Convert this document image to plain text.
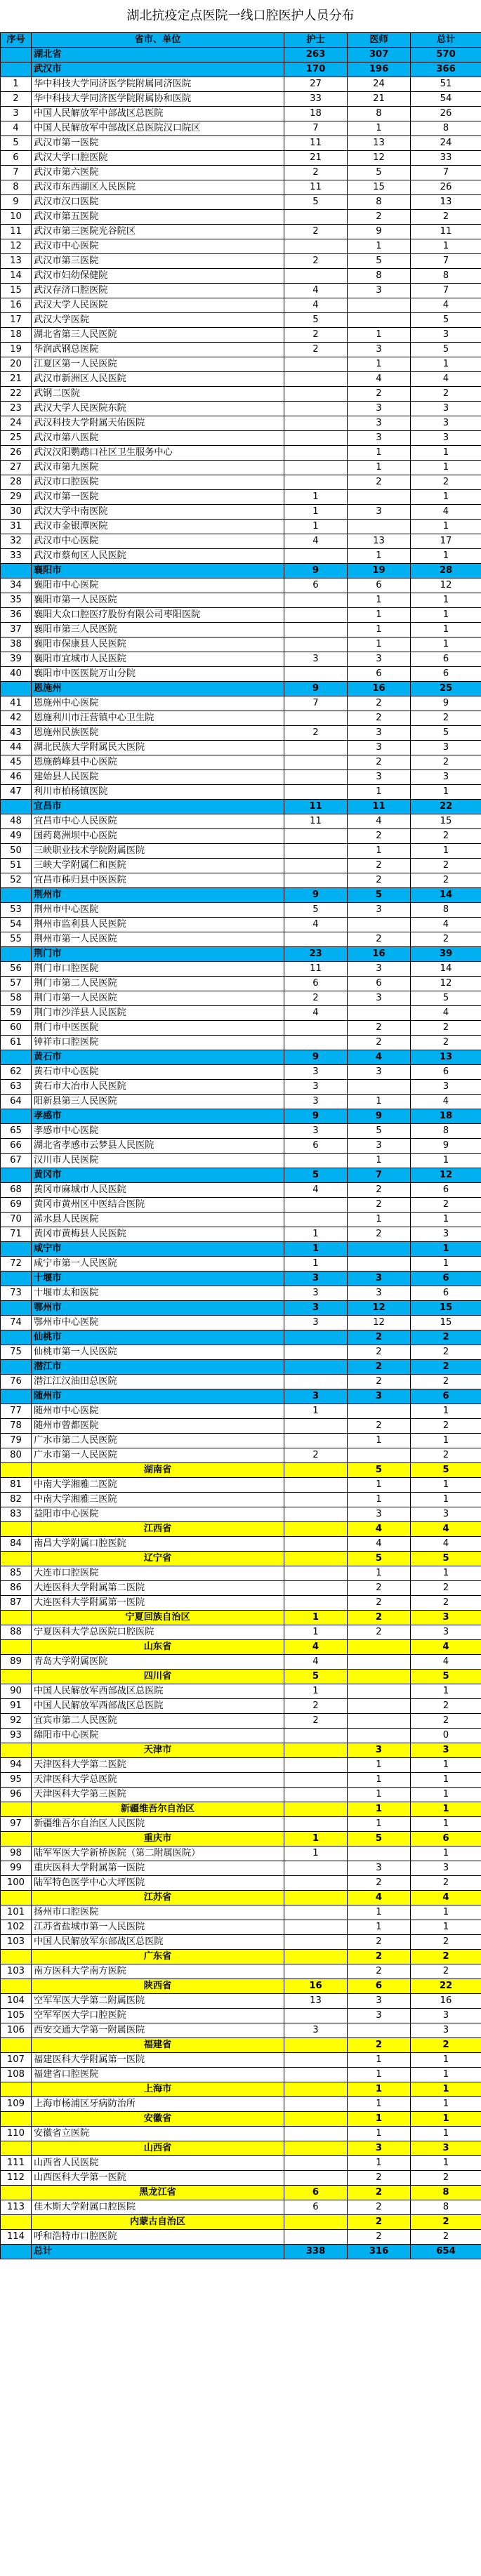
湖北抗疫定点医院一线口腔医护人员分布
序号	省市、单位	护士	医师	总计
	湖北省	263	307	570
	武汉市	170	196	366
1	华中科技大学同济医学院附属同济医院	27	24	51
2	华中科技大学同济医学院附属协和医院	33	21	54
3	中国人民解放军中部战区总医院	18	8	26
4	中国人民解放军中部战区总医院汉口院区	7	1	8
5	武汉市第一医院	11	13	24
6	武汉大学口腔医院	21	12	33
7	武汉市第六医院	2	5	7
8	武汉市东西湖区人民医院	11	15	26
9	武汉市汉口医院	5	8	13
10	武汉市第五医院		2	2
11	武汉市第三医院光谷院区	2	9	11
12	武汉市中心医院		1	1
13	武汉市第三医院	2	5	7
14	武汉市妇幼保健院		8	8
15	武汉存济口腔医院	4	3	7
16	武汉大学人民医院	4		4
17	武汉大学医院	5		5
18	湖北省第三人民医院	2	1	3
19	华润武钢总医院	2	3	5
20	江夏区第一人民医院		1	1
21	武汉市新洲区人民医院		4	4
22	武钢二医院		2	2
23	武汉大学人民医院东院		3	3
24	武汉科技大学附属天佑医院		3	3
25	武汉市第八医院		3	3
26	武汉汉阳鹦鹉口社区卫生服务中心		1	1
27	武汉市第九医院		1	1
28	武汉市口腔医院		2	2
29	武汉市第一医院	1		1
30	武汉大学中南医院	1	3	4
31	武汉市金银潭医院	1		1
32	武汉市中心医院	4	13	17
33	武汉市蔡甸区人民医院		1	1
	襄阳市	9	19	28
34	襄阳市中心医院	6	6	12
35	襄阳市第一人民医院		1	1
36	襄阳大众口腔医疗股份有限公司枣阳医院		1	1
37	襄阳市第三人民医院		1	1
38	襄阳市保康县人民医院		1	1
39	襄阳市宜城市人民医院	3	3	6
40	襄阳市中医医院万山分院		6	6
	恩施州	9	16	25
41	恩施州中心医院	7	2	9
42	恩施利川市汪营镇中心卫生院		2	2
43	恩施州民族医院	2	3	5
44	湖北民族大学附属民大医院		3	3
45	恩施鹤峰县中心医院		2	2
46	建始县人民医院		3	3
47	利川市柏杨镇医院		1	1
	宜昌市	11	11	22
48	宜昌市中心人民医院	11	4	15
49	国药葛洲坝中心医院		2	2
50	三峡职业技术学院附属医院		1	1
51	三峡大学附属仁和医院		2	2
52	宜昌市秭归县中医医院		2	2
	荆州市	9	5	14
53	荆州市中心医院	5	3	8
54	荆州市监利县人民医院	4		4
55	荆州市第一人民医院		2	2
	荆门市	23	16	39
56	荆门市口腔医院	11	3	14
57	荆门市第二人民医院	6	6	12
58	荆门市第一人民医院	2	3	5
59	荆门市沙洋县人民医院	4		4
60	荆门市中医医院		2	2
61	钟祥市口腔医院		2	2
	黄石市	9	4	13
62	黄石市中心医院	3	3	6
63	黄石市大冶市人民医院	3		3
64	阳新县第三人民医院	3	1	4
	孝感市	9	9	18
65	孝感市中心医院	3	5	8
66	湖北省孝感市云梦县人民医院	6	3	9
67	汉川市人民医院		1	1
	黄冈市	5	7	12
68	黄冈市麻城市人民医院	4	2	6
69	黄冈市黄州区中医结合医院		2	2
70	浠水县人民医院		1	1
71	黄冈市黄梅县人民医院	1	2	3
	咸宁市	1		1
72	咸宁市第一人民医院	1		1
	十堰市	3	3	6
73	十堰市太和医院	3	3	6
	鄂州市	3	12	15
74	鄂州市中心医院	3	12	15
	仙桃市		2	2
75	仙桃市第一人民医院		2	2
	潜江市		2	2
76	潜江江汉油田总医院		2	2
	随州市	3	3	6
77	随州市中心医院	1		1
78	随州市曾都医院		2	2
79	广水市第二人民医院		1	1
80	广水市第一人民医院	2		2
	湖南省		5	5
81	中南大学湘雅二医院		1	1
82	中南大学湘雅三医院		1	1
83	益阳市中心医院		3	3
	江西省		4	4
84	南昌大学附属口腔医院		4	4
	辽宁省		5	5
85	大连市口腔医院		1	1
86	大连医科大学附属第二医院		2	2
87	大连医科大学附属第一医院		2	2
	宁夏回族自治区	1	2	3
88	宁夏医科大学总医院口腔医院	1	2	3
	山东省	4		4
89	青岛大学附属医院	4		4
	四川省	5		5
90	中国人民解放军西部战区总医院	1		1
91	中国人民解放军西部战区总医院	2		2
92	宜宾市第二人民医院	2		2
93	绵阳市中心医院			0
	天津市		3	3
94	天津医科大学第二医院		1	1
95	天津医科大学总医院		1	1
96	天津医科大学第三医院		1	1
	新疆维吾尔自治区		1	1
97	新疆维吾尔自治区人民医院		1	1
	重庆市	1	5	6
98	陆军军医大学新桥医院（第二附属医院）	1		1
99	重庆医科大学附属第一医院		3	3
100	陆军特色医学中心大坪医院		2	2
	江苏省		4	4
101	扬州市口腔医院		1	1
102	江苏省盐城市第一人民医院		1	1
103	中国人民解放军东部战区总医院		2	2
	广东省		2	2
103	南方医科大学南方医院		2	2
	陕西省	16	6	22
104	空军军医大学第二附属医院	13	3	16
105	空军军医大学口腔医院		3	3
106	西安交通大学第一附属医院	3		3
	福建省		2	2
107	福建医科大学附属第一医院		1	1
108	福建省口腔医院		1	1
	上海市		1	1
109	上海市杨浦区牙病防治所		1	1
	安徽省		1	1
110	安徽省立医院		1	1
	山西省		3	3
111	山西省人民医院		1	1
112	山西医科大学第一医院		2	2
	黑龙江省	6	2	8
113	佳木斯大学附属口腔医院	6	2	8
	内蒙古自治区		2	2
114	呼和浩特市口腔医院		2	2
	总计	338	316	654
